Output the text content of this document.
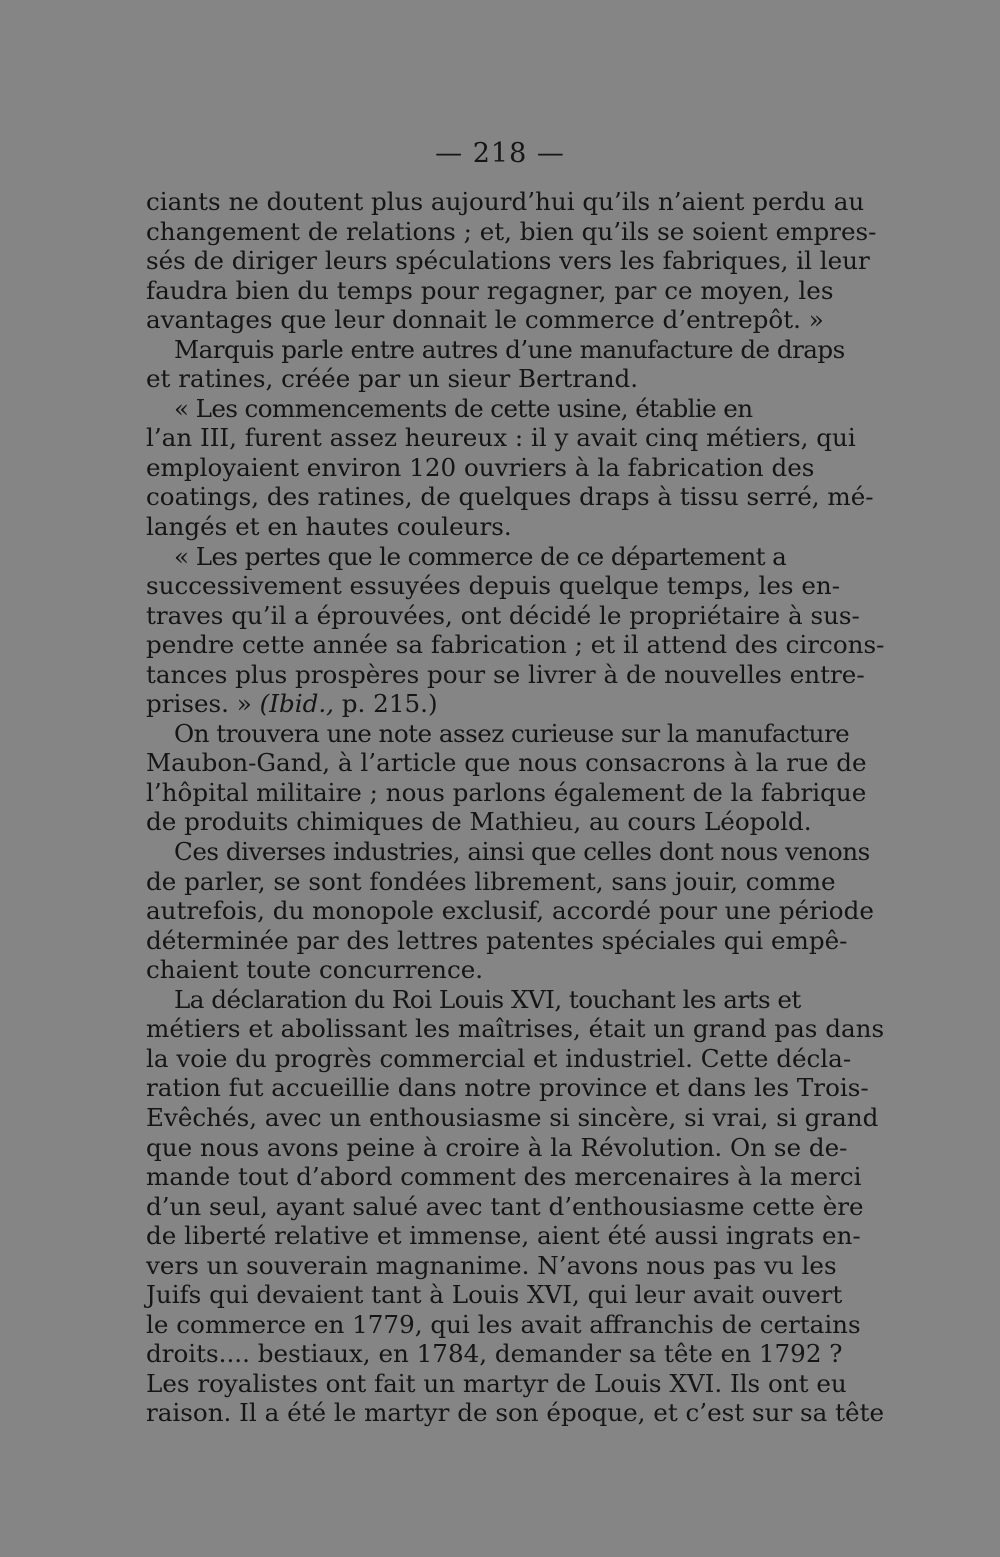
— 218 —

ciants ne doutent plus aujourd’hui qu’ils n’aient perdu au
changement de relations ; et, bien qu’ils se soient empres-
sés de diriger leurs spéculations vers les fabriques, il leur
faudra bien du temps pour regagner, par ce moyen, les
avantages que leur donnait le commerce d’entrepôt. »
Marquis parle entre autres d’une manufacture de draps
et ratines, créée par un sieur Bertrand.
« Les commencements de cette usine, établie en
l’an III, furent assez heureux : il y avait cinq métiers, qui
employaient environ 120 ouvriers à la fabrication des
coatings, des ratines, de quelques draps à tissu serré, mé-
langés et en hautes couleurs.
« Les pertes que le commerce de ce département a
successivement essuyées depuis quelque temps, les en-
traves qu’il a éprouvées, ont décidé le propriétaire à sus-
pendre cette année sa fabrication ; et il attend des circons-
tances plus prospères pour se livrer à de nouvelles entre-
prises. » (Ibid., p. 215.)
On trouvera une note assez curieuse sur la manufacture
Maubon-Gand, à l’article que nous consacrons à la rue de
l’hôpital militaire ; nous parlons également de la fabrique
de produits chimiques de Mathieu, au cours Léopold.
Ces diverses industries, ainsi que celles dont nous venons
de parler, se sont fondées librement, sans jouir, comme
autrefois, du monopole exclusif, accordé pour une période
déterminée par des lettres patentes spéciales qui empê-
chaient toute concurrence.
La déclaration du Roi Louis XVI, touchant les arts et
métiers et abolissant les maîtrises, était un grand pas dans
la voie du progrès commercial et industriel. Cette décla-
ration fut accueillie dans notre province et dans les Trois-
Evêchés, avec un enthousiasme si sincère, si vrai, si grand
que nous avons peine à croire à la Révolution. On se de-
mande tout d’abord comment des mercenaires à la merci
d’un seul, ayant salué avec tant d’enthousiasme cette ère
de liberté relative et immense, aient été aussi ingrats en-
vers un souverain magnanime. N’avons nous pas vu les
Juifs qui devaient tant à Louis XVI, qui leur avait ouvert
le commerce en 1779, qui les avait affranchis de certains
droits.... bestiaux, en 1784, demander sa tête en 1792 ?
Les royalistes ont fait un martyr de Louis XVI. Ils ont eu
raison. Il a été le martyr de son époque, et c’est sur sa tête
